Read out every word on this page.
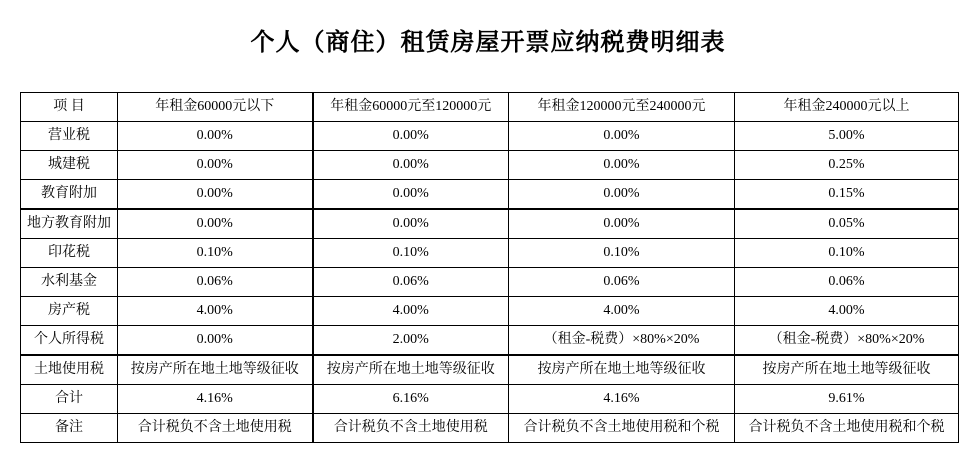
个人（商住）租赁房屋开票应纳税费明细表
项 目	年租金60000元以下	年租金60000元至120000元	年租金120000元至240000元	年租金240000元以上
营业税	0.00%	0.00%	0.00%	5.00%
城建税	0.00%	0.00%	0.00%	0.25%
教育附加	0.00%	0.00%	0.00%	0.15%
地方教育附加	0.00%	0.00%	0.00%	0.05%
印花税	0.10%	0.10%	0.10%	0.10%
水利基金	0.06%	0.06%	0.06%	0.06%
房产税	4.00%	4.00%	4.00%	4.00%
个人所得税	0.00%	2.00%	（租金-税费）×80%×20%	（租金-税费）×80%×20%
土地使用税	按房产所在地土地等级征收	按房产所在地土地等级征收	按房产所在地土地等级征收	按房产所在地土地等级征收
合计	4.16%	6.16%	4.16%	9.61%
备注	合计税负不含土地使用税	合计税负不含土地使用税	合计税负不含土地使用税和个税	合计税负不含土地使用税和个税
